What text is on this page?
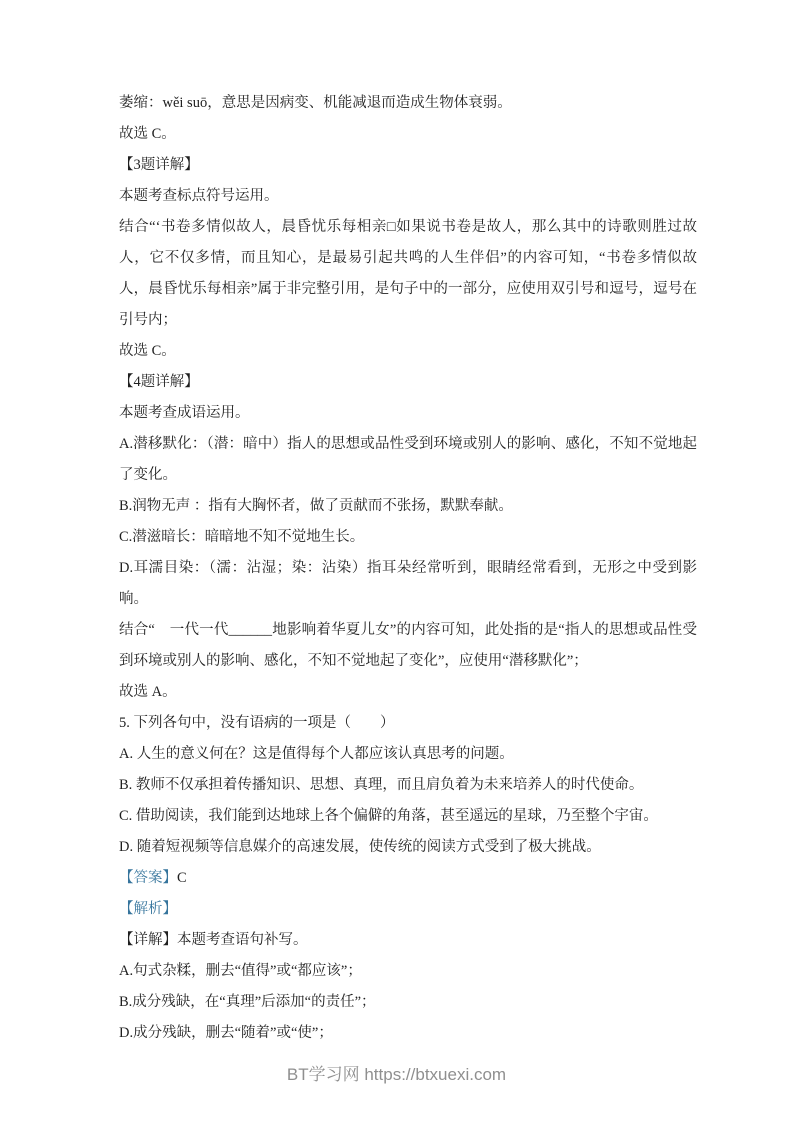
萎缩：wěi suō，意思是因病变、机能减退而造成生物体衰弱。

故选 C。

【3题详解】

本题考查标点符号运用。

结合“‘书卷多情似故人，晨昏忧乐每相亲□如果说书卷是故人，那么其中的诗歌则胜过故人，它不仅多情，而且知心，是最易引起共鸣的人生伴侣”的内容可知，“书卷多情似故人，晨昏忧乐每相亲”属于非完整引用，是句子中的一部分，应使用双引号和逗号，逗号在引号内；

故选 C。

【4题详解】

本题考查成语运用。

A.潜移默化：（潜：暗中）指人的思想或品性受到环境或别人的影响、感化，不知不觉地起了变化。

B.润物无声 ：指有大胸怀者，做了贡献而不张扬，默默奉献。

C.潜滋暗长：暗暗地不知不觉地生长。

D.耳濡目染：（濡：沾湿；染：沾染）指耳朵经常听到，眼睛经常看到，无形之中受到影响。

结合“　一代一代______地影响着华夏儿女”的内容可知，此处指的是“指人的思想或品性受到环境或别人的影响、感化，不知不觉地起了变化”，应使用“潜移默化”；

故选 A。

5. 下列各句中，没有语病的一项是（　　）

A. 人生的意义何在？这是值得每个人都应该认真思考的问题。

B. 教师不仅承担着传播知识、思想、真理，而且肩负着为未来培养人的时代使命。

C. 借助阅读，我们能到达地球上各个偏僻的角落，甚至遥远的星球，乃至整个宇宙。

D. 随着短视频等信息媒介的高速发展，使传统的阅读方式受到了极大挑战。

【答案】C

【解析】

【详解】本题考查语句补写。

A.句式杂糅，删去“值得”或“都应该”；

B.成分残缺，在“真理”后添加“的责任”；

D.成分残缺，删去“随着”或“使”；

BT学习网 https://btxuexi.com
